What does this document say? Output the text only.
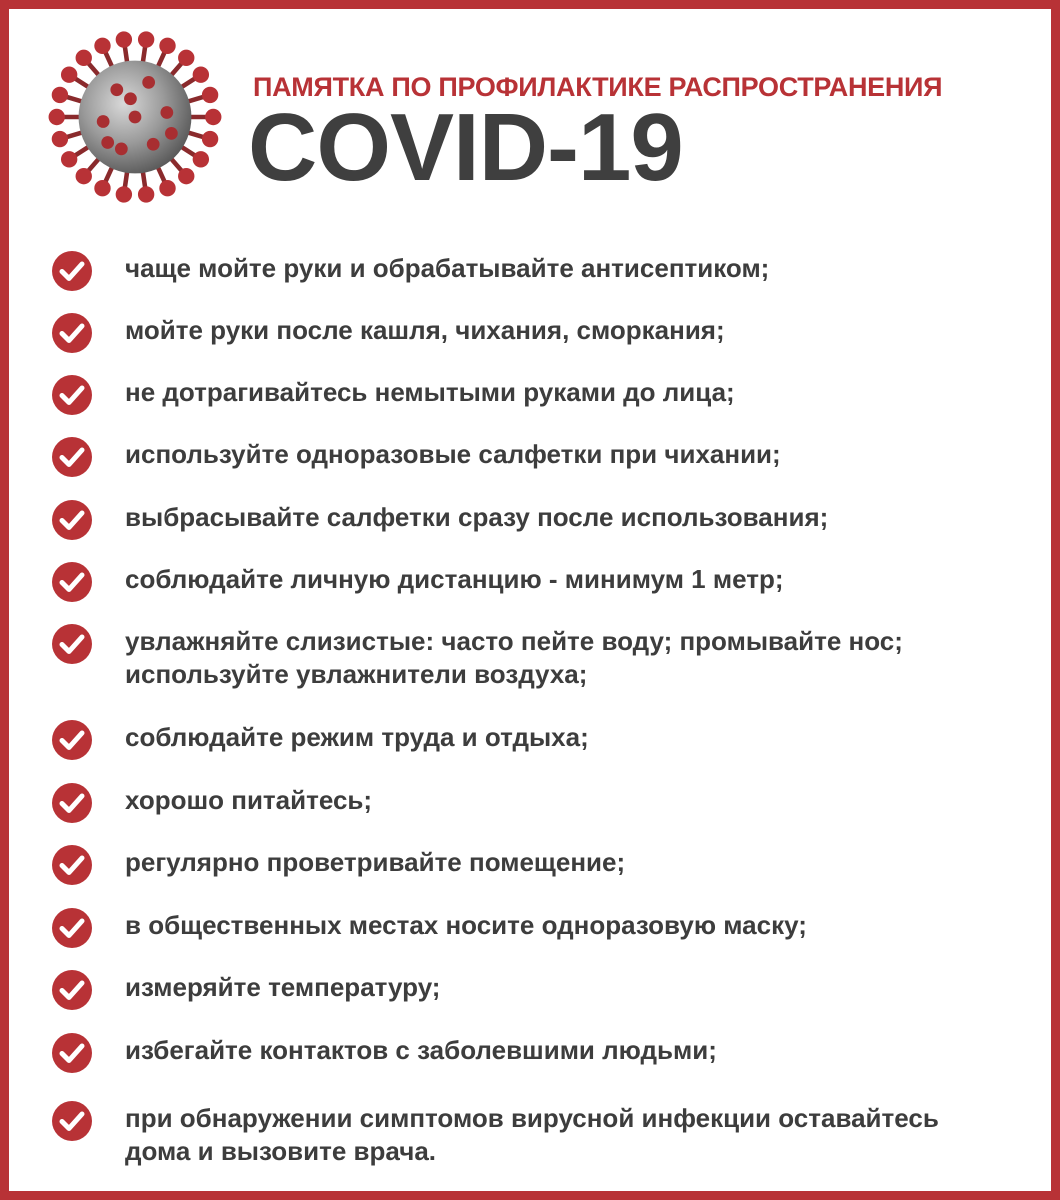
ПАМЯТКА ПО ПРОФИЛАКТИКЕ РАСПРОСТРАНЕНИЯ
COVID-19
чаще мойте руки и обрабатывайте антисептиком;
мойте руки после кашля, чихания, сморкания;
не дотрагивайтесь немытыми руками до лица;
используйте одноразовые салфетки при чихании;
выбрасывайте салфетки сразу после использования;
соблюдайте личную дистанцию - минимум 1 метр;
увлажняйте слизистые: часто пейте воду; промывайте нос;
используйте увлажнители воздуха;
соблюдайте режим труда и отдыха;
хорошо питайтесь;
регулярно проветривайте помещение;
в общественных местах носите одноразовую маску;
измеряйте температуру;
избегайте контактов с заболевшими людьми;
при обнаружении симптомов вирусной инфекции оставайтесь
дома и вызовите врача.
